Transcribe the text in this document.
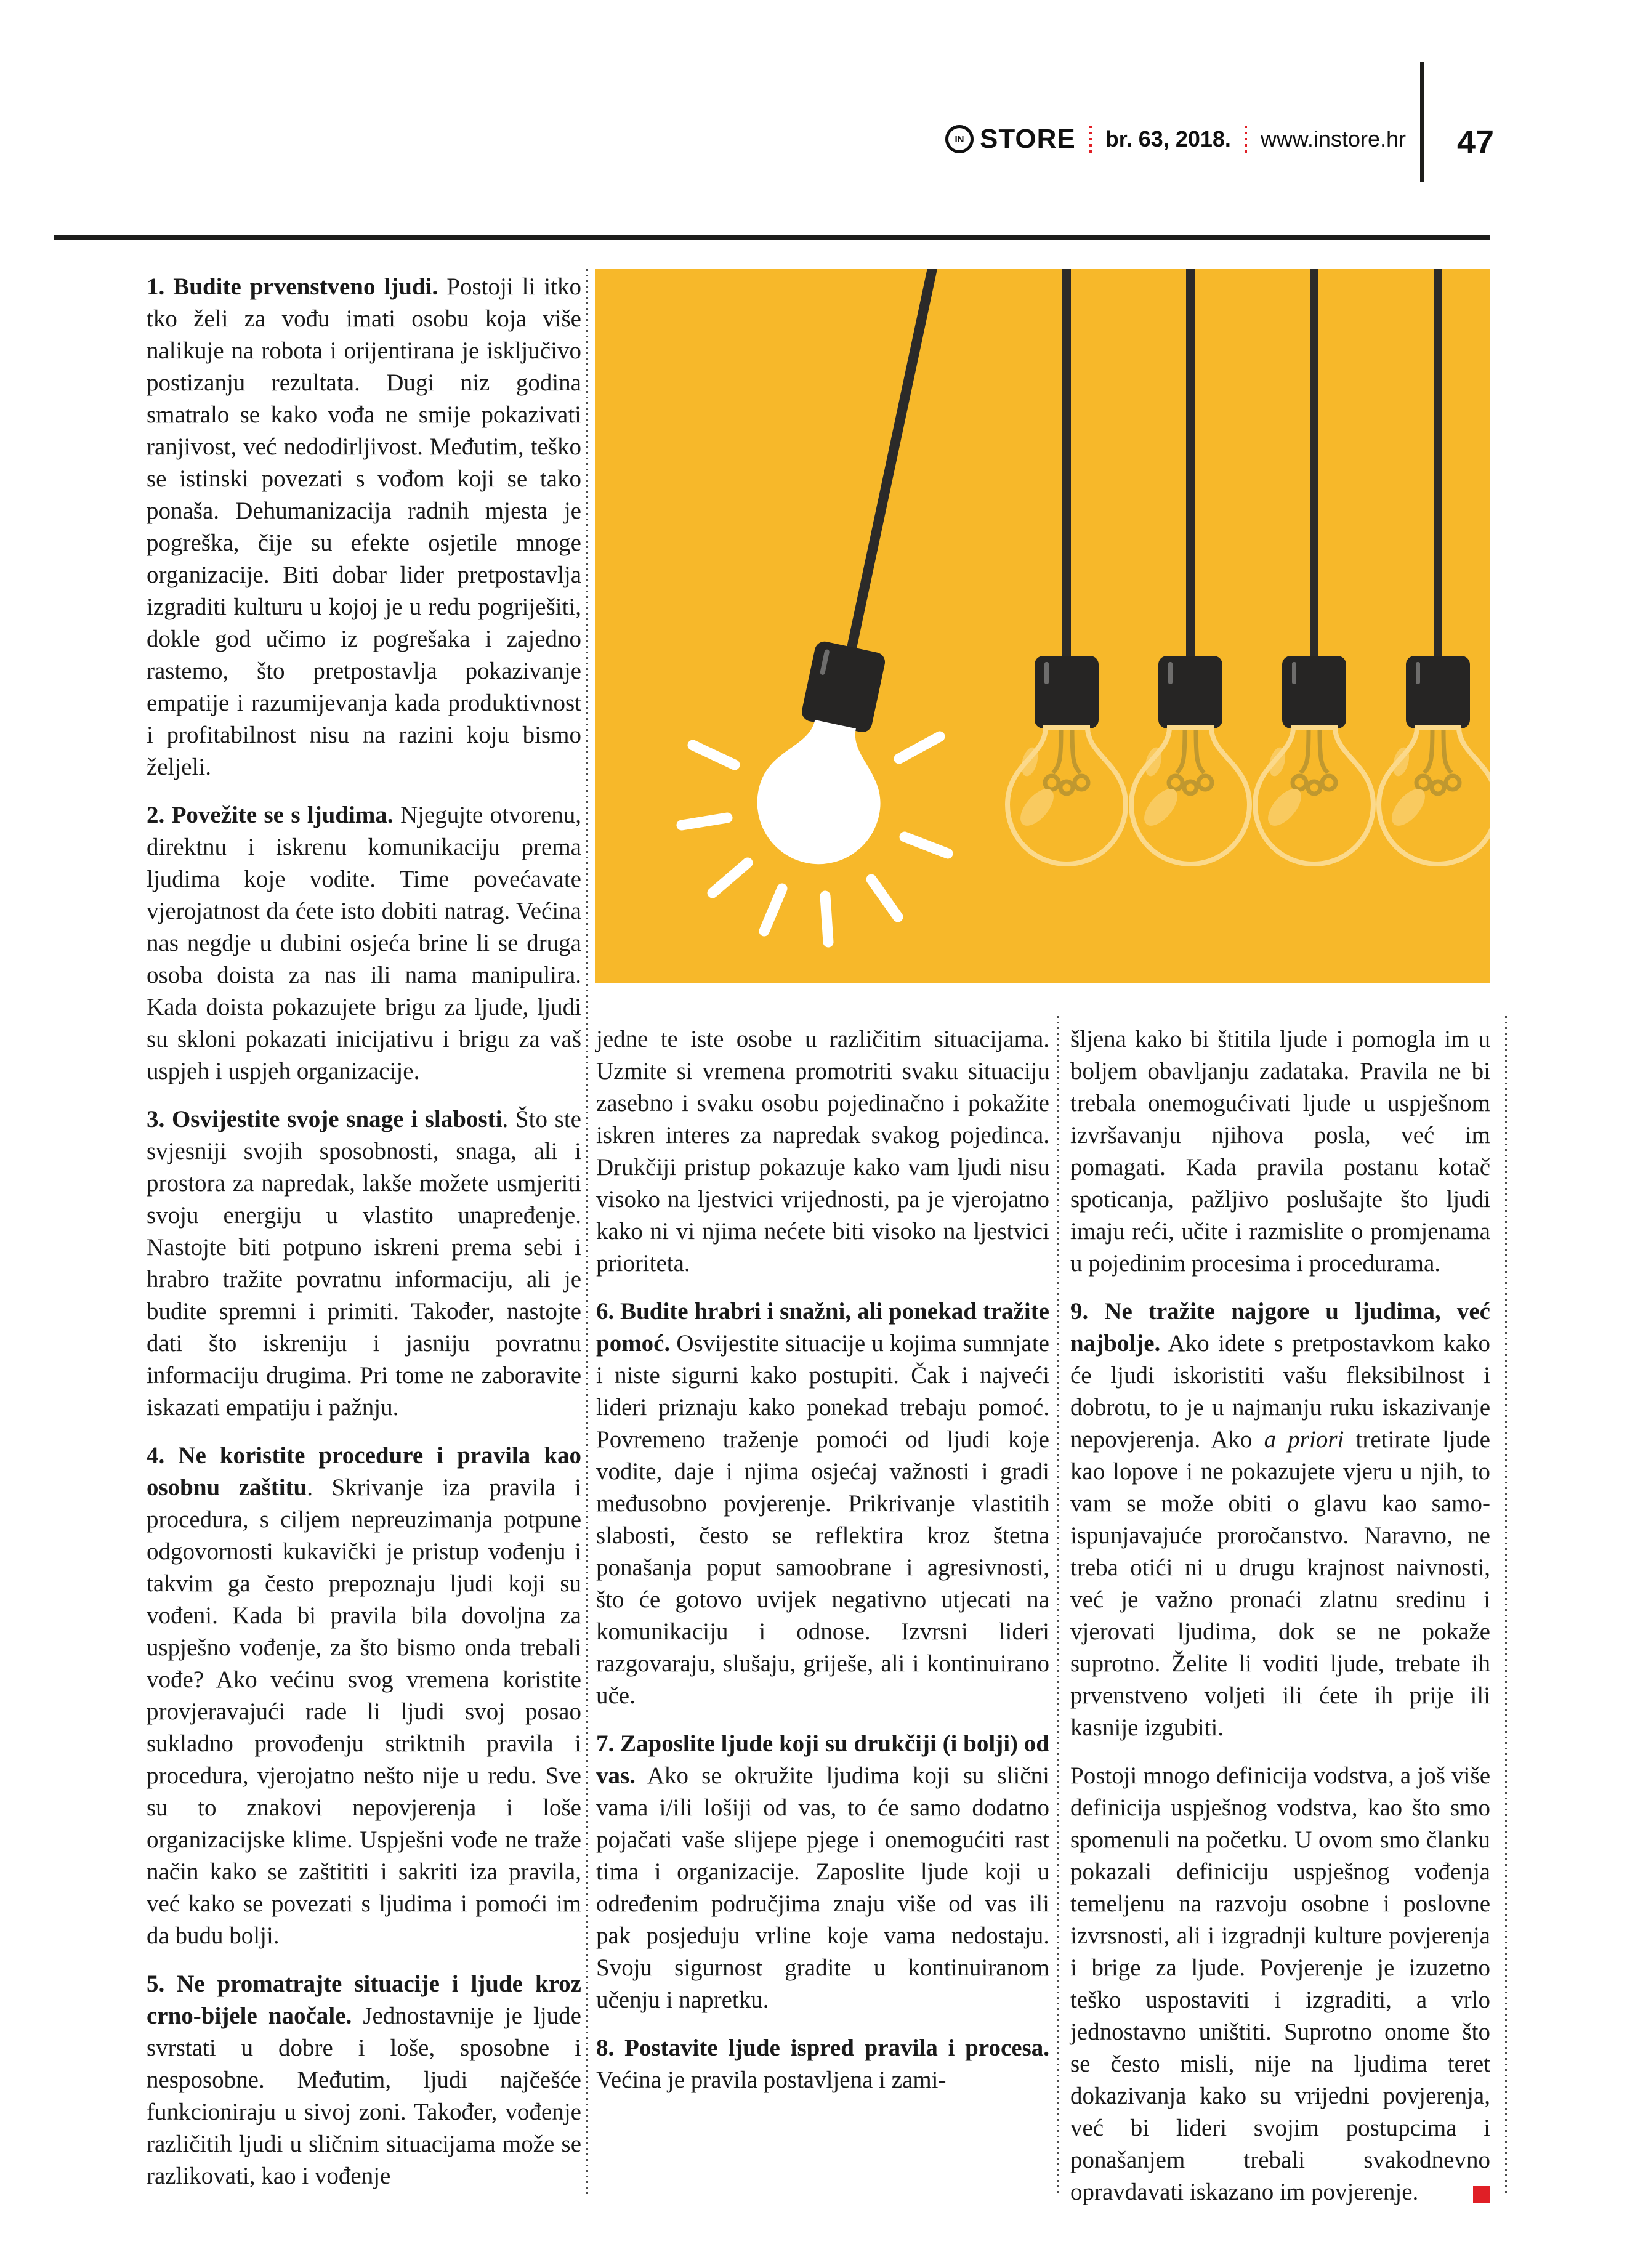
IN STORE br. 63, 2018. www.instore.hr 47

1. Budite prvenstveno ljudi. Postoji li itko tko želi za vođu imati osobu koja više nalikuje na robota i orijentirana je isključivo postizanju rezultata. Dugi niz godina smatralo se kako vođa ne smije pokazivati ranjivost, već nedodirljivost. Međutim, teško se istinski povezati s vođom koji se tako ponaša. Dehumanizacija radnih mjesta je pogreška, čije su efekte osjetile mnoge organizacije. Biti dobar lider pretpostavlja izgraditi kulturu u kojoj je u redu pogriješiti, dokle god učimo iz pogrešaka i zajedno rastemo, što pretpostavlja pokazivanje empatije i razumijevanja kada produktivnost i profitabilnost nisu na razini koju bismo željeli.

2. Povežite se s ljudima. Njegujte otvorenu, direktnu i iskrenu komunikaciju prema ljudima koje vodite. Time povećavate vjerojatnost da ćete isto dobiti natrag. Većina nas negdje u dubini osjeća brine li se druga osoba doista za nas ili nama manipulira. Kada doista pokazujete brigu za ljude, ljudi su skloni pokazati inicijativu i brigu za vaš uspjeh i uspjeh organizacije.

3. Osvijestite svoje snage i slabosti. Što ste svjesniji svojih sposobnosti, snaga, ali i prostora za napredak, lakše možete usmjeriti svoju energiju u vlastito unapređenje. Nastojte biti potpuno iskreni prema sebi i hrabro tražite povratnu informaciju, ali je budite spremni i primiti. Također, nastojte dati što iskreniju i jasniju povratnu informaciju drugima. Pri tome ne zaboravite iskazati empatiju i pažnju.

4. Ne koristite procedure i pravila kao osobnu zaštitu. Skrivanje iza pravila i procedura, s ciljem nepreuzimanja potpune odgovornosti kukavički je pristup vođenju i takvim ga često prepoznaju ljudi koji su vođeni. Kada bi pravila bila dovoljna za uspješno vođenje, za što bismo onda trebali vođe? Ako većinu svog vremena koristite provjeravajući rade li ljudi svoj posao sukladno provođenju striktnih pravila i procedura, vjerojatno nešto nije u redu. Sve su to znakovi nepovjerenja i loše organizacijske klime. Uspješni vođe ne traže način kako se zaštititi i sakriti iza pravila, već kako se povezati s ljudima i pomoći im da budu bolji.

5. Ne promatrajte situacije i ljude kroz crno-bijele naočale. Jednostavnije je ljude svrstati u dobre i loše, sposobne i nesposobne. Međutim, ljudi najčešće funkcioniraju u sivoj zoni. Također, vođenje različitih ljudi u sličnim situacijama može se razlikovati, kao i vođenje

jedne te iste osobe u različitim situacijama. Uzmite si vremena promotriti svaku situaciju zasebno i svaku osobu pojedinačno i pokažite iskren interes za napredak svakog pojedinca. Drukčiji pristup pokazuje kako vam ljudi nisu visoko na ljestvici vrijednosti, pa je vjerojatno kako ni vi njima nećete biti visoko na ljestvici prioriteta.

6. Budite hrabri i snažni, ali ponekad tražite pomoć. Osvijestite situacije u kojima sumnjate i niste sigurni kako postupiti. Čak i najveći lideri priznaju kako ponekad trebaju pomoć. Povremeno traženje pomoći od ljudi koje vodite, daje i njima osjećaj važnosti i gradi međusobno povjerenje. Prikrivanje vlastitih slabosti, često se reflektira kroz štetna ponašanja poput samoobrane i agresivnosti, što će gotovo uvijek negativno utjecati na komunikaciju i odnose. Izvrsni lideri razgovaraju, slušaju, griješe, ali i kontinuirano uče.

7. Zaposlite ljude koji su drukčiji (i bolji) od vas. Ako se okružite ljudima koji su slični vama i/ili lošiji od vas, to će samo dodatno pojačati vaše slijepe pjege i onemogućiti rast tima i organizacije. Zaposlite ljude koji u određenim područjima znaju više od vas ili pak posjeduju vrline koje vama nedostaju. Svoju sigurnost gradite u kontinuiranom učenju i napretku.

8. Postavite ljude ispred pravila i procesa. Većina je pravila postavljena i zami-

šljena kako bi štitila ljude i pomogla im u boljem obavljanju zadataka. Pravila ne bi trebala onemogućivati ljude u uspješnom izvršavanju njihova posla, već im pomagati. Kada pravila postanu kotač spoticanja, pažljivo poslušajte što ljudi imaju reći, učite i razmislite o promjenama u pojedinim procesima i procedurama.

9. Ne tražite najgore u ljudima, već najbolje. Ako idete s pretpostavkom kako će ljudi iskoristiti vašu fleksibilnost i dobrotu, to je u najmanju ruku iskazivanje nepovjerenja. Ako a priori tretirate ljude kao lopove i ne pokazujete vjeru u njih, to vam se može obiti o glavu kao samo-ispunjavajuće proročanstvo. Naravno, ne treba otići ni u drugu krajnost naivnosti, već je važno pronaći zlatnu sredinu i vjerovati ljudima, dok se ne pokaže suprotno. Želite li voditi ljude, trebate ih prvenstveno voljeti ili ćete ih prije ili kasnije izgubiti.

Postoji mnogo definicija vodstva, a još više definicija uspješnog vodstva, kao što smo spomenuli na početku. U ovom smo članku pokazali definiciju uspješnog vođenja temeljenu na razvoju osobne i poslovne izvrsnosti, ali i izgradnji kulture povjerenja i brige za ljude. Povjerenje je izuzetno teško uspostaviti i izgraditi, a vrlo jednostavno uništiti. Suprotno onome što se često misli, nije na ljudima teret dokazivanja kako su vrijedni povjerenja, već bi lideri svojim postupcima i ponašanjem trebali svakodnevno opravdavati iskazano im povjerenje.
